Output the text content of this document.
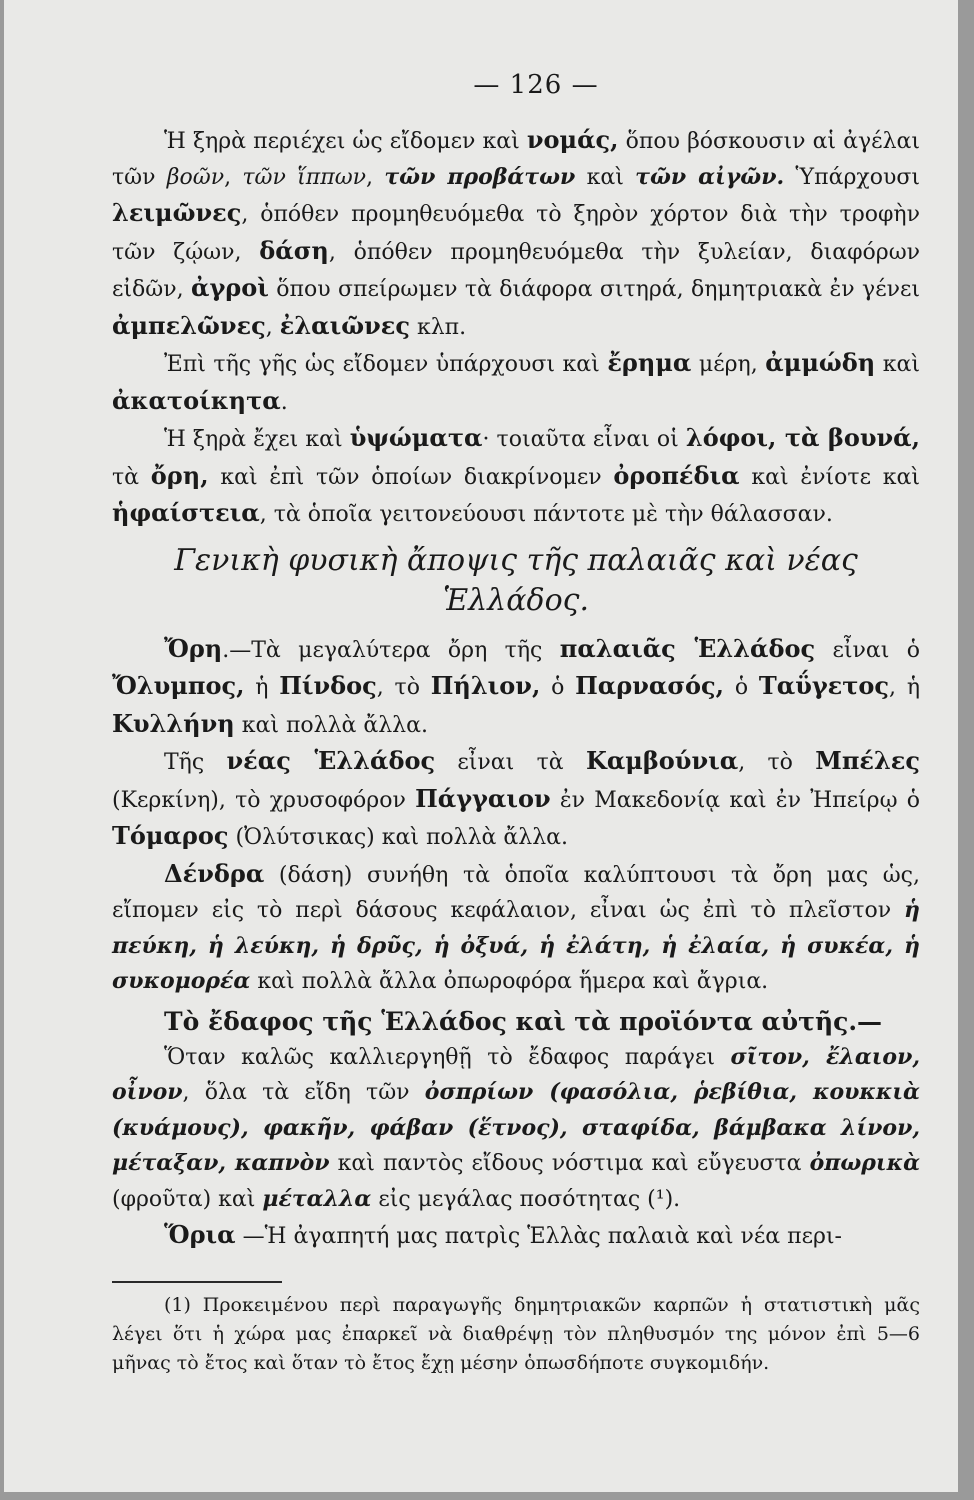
— 126 —

Ἡ ξηρὰ περιέχει ὡς εἴδομεν καὶ νομάς, ὅπου βόσκουσιν αἱ ἀγέλαι τῶν βοῶν, τῶν ἵππων, τῶν προβάτων καὶ τῶν αἰγῶν. Ὑπάρχουσι λειμῶνες, ὁπόθεν προμηθευόμεθα τὸ ξηρὸν χόρτον διὰ τὴν τροφὴν τῶν ζῴων, δάση, ὁπόθεν προμηθευόμεθα τὴν ξυλείαν, διαφόρων εἰδῶν, ἀγροὶ ὅπου σπείρωμεν τὰ διάφορα σιτηρά, δημητριακὰ ἐν γένει ἀμπελῶνες, ἐλαιῶνες κλπ.

Ἐπὶ τῆς γῆς ὡς εἴδομεν ὑπάρχουσι καὶ ἔρημα μέρη, ἀμμώδη καὶ ἀκατοίκητα.

Ἡ ξηρὰ ἔχει καὶ ὑψώματα· τοιαῦτα εἶναι οἱ λόφοι, τὰ βουνά, τὰ ὄρη, καὶ ἐπὶ τῶν ὁποίων διακρίνομεν ὀροπέδια καὶ ἐνίοτε καὶ ἡφαίστεια, τὰ ὁποῖα γειτονεύουσι πάντοτε μὲ τὴν θάλασσαν.

Γενικὴ φυσικὴ ἄποψις τῆς παλαιᾶς καὶ νέας Ἑλλάδος.

Ὄρη.—Τὰ μεγαλύτερα ὄρη τῆς παλαιᾶς Ἑλλάδος εἶναι ὁ Ὄλυμπος, ἡ Πίνδος, τὸ Πήλιον, ὁ Παρνασός, ὁ Ταΰγετος, ἡ Κυλλήνη καὶ πολλὰ ἄλλα.

Τῆς νέας Ἑλλάδος εἶναι τὰ Καμβούνια, τὸ Μπέλες (Κερκίνη), τὸ χρυσοφόρον Πάγγαιον ἐν Μακεδονίᾳ καὶ ἐν Ἠπείρῳ ὁ Τόμαρος (Ὀλύτσικας) καὶ πολλὰ ἄλλα.

Δένδρα (δάση) συνήθη τὰ ὁποῖα καλύπτουσι τὰ ὄρη μας ὡς, εἴπομεν εἰς τὸ περὶ δάσους κεφάλαιον, εἶναι ὡς ἐπὶ τὸ πλεῖστον ἡ πεύκη, ἡ λεύκη, ἡ δρῦς, ἡ ὀξυά, ἡ ἐλάτη, ἡ ἐλαία, ἡ συκέα, ἡ συκομορέα καὶ πολλὰ ἄλλα ὀπωροφόρα ἥμερα καὶ ἄγρια.

Τὸ ἔδαφος τῆς Ἑλλάδος καὶ τὰ προϊόντα αὐτῆς.—

Ὅταν καλῶς καλλιεργηθῇ τὸ ἔδαφος παράγει σῖτον, ἔλαιον, οἶνον, ὅλα τὰ εἴδη τῶν ὀσπρίων (φασόλια, ῥεβίθια, κουκκιὰ (κυάμους), φακῆν, φάβαν (ἕτνος), σταφίδα, βάμβακα λίνον, μέταξαν, καπνὸν καὶ παντὸς εἴδους νόστιμα καὶ εὔγευστα ὀπωρικὰ (φροῦτα) καὶ μέταλλα εἰς μεγάλας ποσότητας (¹).

Ὅρια —Ἡ ἀγαπητή μας πατρὶς Ἑλλὰς παλαιὰ καὶ νέα περι-

(1) Προκειμένου περὶ παραγωγῆς δημητριακῶν καρπῶν ἡ στατιστικὴ μᾶς λέγει ὅτι ἡ χώρα μας ἐπαρκεῖ νὰ διαθρέψῃ τὸν πληθυσμόν της μόνον ἐπὶ 5—6 μῆνας τὸ ἔτος καὶ ὅταν τὸ ἔτος ἔχῃ μέσην ὁπωσδήποτε συγκομιδήν.
